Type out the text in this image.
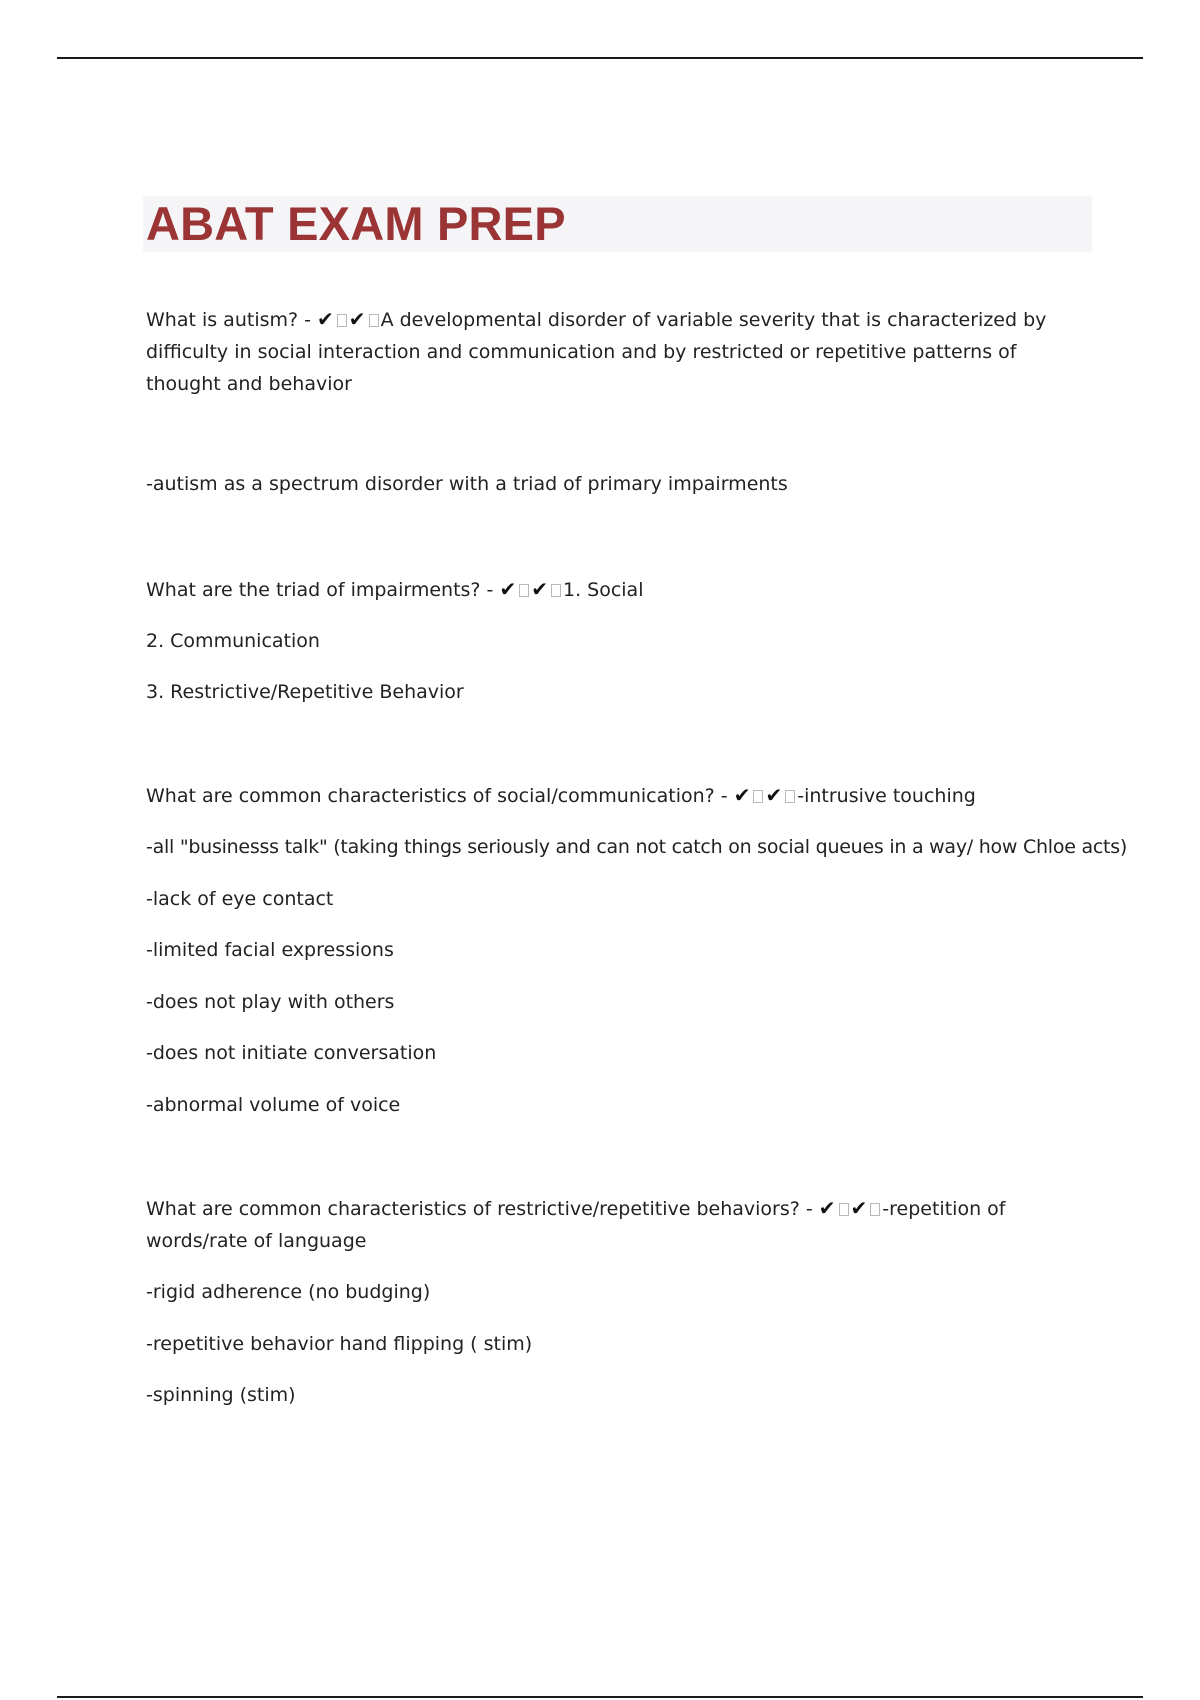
ABAT EXAM PREP

What is autism? - ✔ ✔ A developmental disorder of variable severity that is characterized by difficulty in social interaction and communication and by restricted or repetitive patterns of thought and behavior

-autism as a spectrum disorder with a triad of primary impairments

What are the triad of impairments? - ✔ ✔ 1. Social

2. Communication

3. Restrictive/Repetitive Behavior

What are common characteristics of social/communication? - ✔ ✔ -intrusive touching

-all "businesss talk" (taking things seriously and can not catch on social queues in a way/ how Chloe acts)

-lack of eye contact

-limited facial expressions

-does not play with others

-does not initiate conversation

-abnormal volume of voice

What are common characteristics of restrictive/repetitive behaviors? - ✔ ✔ -repetition of words/rate of language

-rigid adherence (no budging)

-repetitive behavior hand flipping ( stim)

-spinning (stim)
